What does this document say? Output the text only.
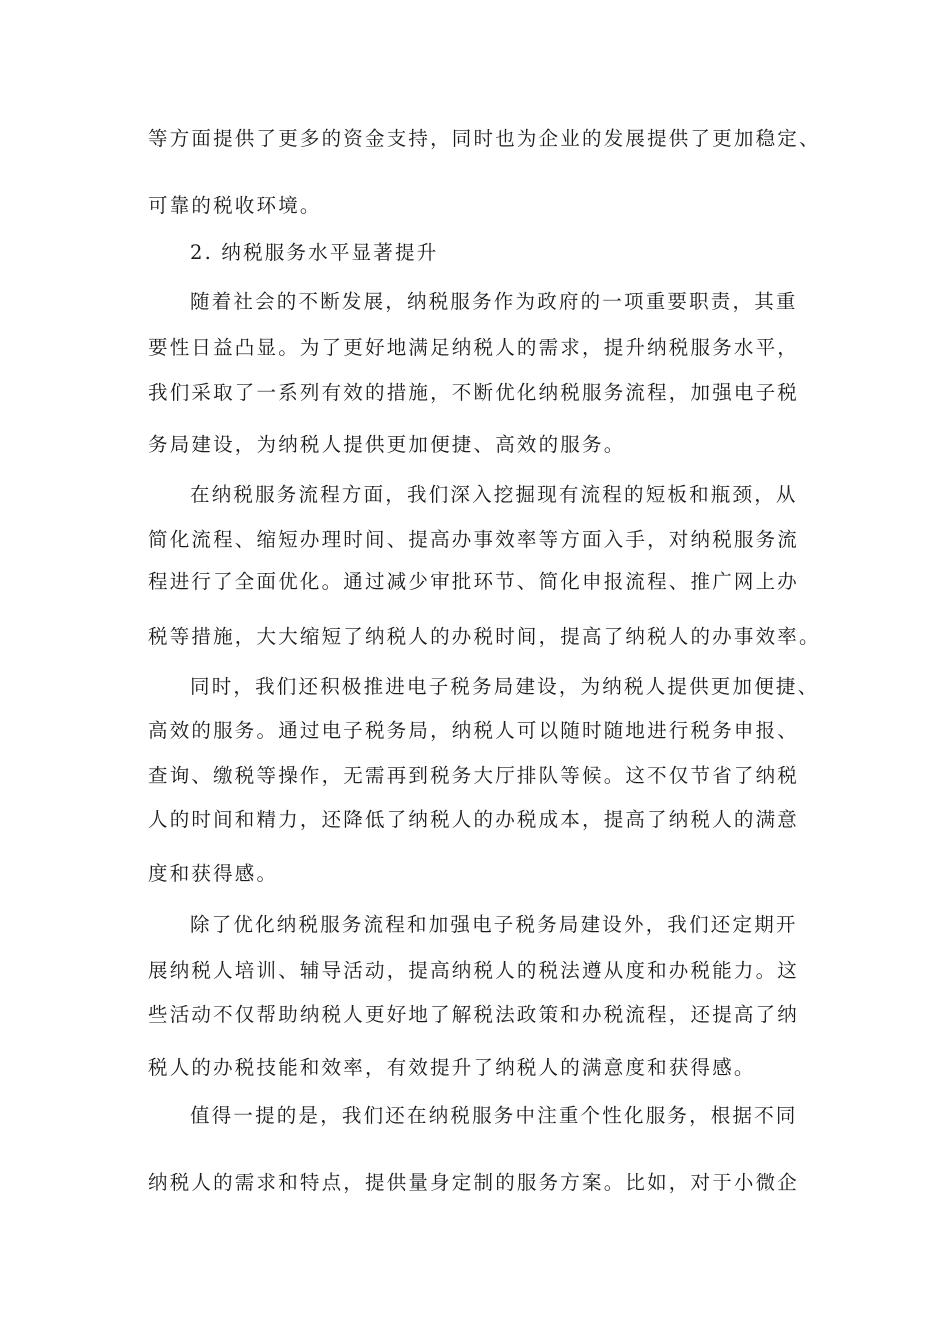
等方面提供了更多的资金支持，同时也为企业的发展提供了更加稳定、
可靠的税收环境。
2. 纳税服务水平显著提升
随着社会的不断发展，纳税服务作为政府的一项重要职责，其重
要性日益凸显。为了更好地满足纳税人的需求，提升纳税服务水平，
我们采取了一系列有效的措施，不断优化纳税服务流程，加强电子税
务局建设，为纳税人提供更加便捷、高效的服务。
在纳税服务流程方面，我们深入挖掘现有流程的短板和瓶颈，从
简化流程、缩短办理时间、提高办事效率等方面入手，对纳税服务流
程进行了全面优化。通过减少审批环节、简化申报流程、推广网上办
税等措施，大大缩短了纳税人的办税时间，提高了纳税人的办事效率。
同时，我们还积极推进电子税务局建设，为纳税人提供更加便捷、
高效的服务。通过电子税务局，纳税人可以随时随地进行税务申报、
查询、缴税等操作，无需再到税务大厅排队等候。这不仅节省了纳税
人的时间和精力，还降低了纳税人的办税成本，提高了纳税人的满意
度和获得感。
除了优化纳税服务流程和加强电子税务局建设外，我们还定期开
展纳税人培训、辅导活动，提高纳税人的税法遵从度和办税能力。这
些活动不仅帮助纳税人更好地了解税法政策和办税流程，还提高了纳
税人的办税技能和效率，有效提升了纳税人的满意度和获得感。
值得一提的是，我们还在纳税服务中注重个性化服务，根据不同
纳税人的需求和特点，提供量身定制的服务方案。比如，对于小微企
